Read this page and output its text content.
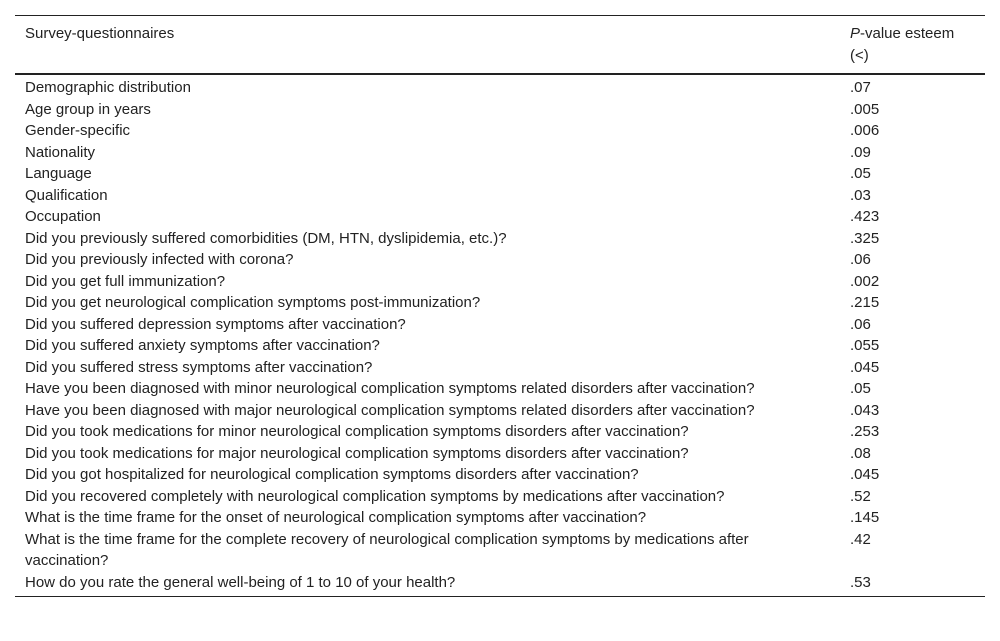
Survey-questionnaires	P-value esteem (<)
Demographic distribution	.07
Age group in years	.005
Gender-specific	.006
Nationality	.09
Language	.05
Qualification	.03
Occupation	.423
Did you previously suffered comorbidities (DM, HTN, dyslipidemia, etc.)?	.325
Did you previously infected with corona?	.06
Did you get full immunization?	.002
Did you get neurological complication symptoms post-immunization?	.215
Did you suffered depression symptoms after vaccination?	.06
Did you suffered anxiety symptoms after vaccination?	.055
Did you suffered stress symptoms after vaccination?	.045
Have you been diagnosed with minor neurological complication symptoms related disorders after vaccination?	.05
Have you been diagnosed with major neurological complication symptoms related disorders after vaccination?	.043
Did you took medications for minor neurological complication symptoms disorders after vaccination?	.253
Did you took medications for major neurological complication symptoms disorders after vaccination?	.08
Did you got hospitalized for neurological complication symptoms disorders after vaccination?	.045
Did you recovered completely with neurological complication symptoms by medications after vaccination?	.52
What is the time frame for the onset of neurological complication symptoms after vaccination?	.145
What is the time frame for the complete recovery of neurological complication symptoms by medications after vaccination?	.42
How do you rate the general well-being of 1 to 10 of your health?	.53
